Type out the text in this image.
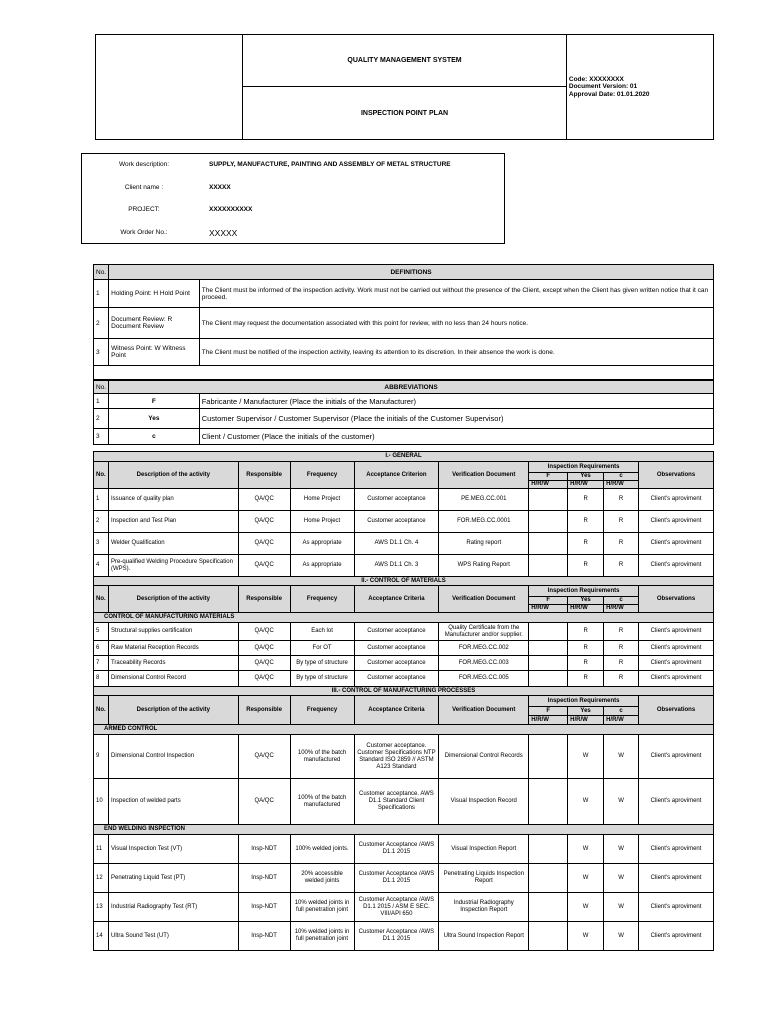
	QUALITY MANAGEMENT SYSTEM	
Code: XXXXXXXX
Document Version: 01
Approval Date: 01.01.2020

INSPECTION POINT PLAN
Work description:	SUPPLY, MANUFACTURE, PAINTING AND ASSEMBLY OF METAL STRUCTURE
Client name :	XXXXX
PROJECT:	XXXXXXXXXX
Work Order No.:	XXXXX
No.	DEFINITIONS	
1	Holding Point: H Hold Point	The Client must be informed of the inspection activity. Work must not be carried out without the presence of the Client, except when the Client has given written notice that it can proceed.
2	Document Review: R Document Review	The Client may request the documentation associated with this point for review, with no less than 24 hours notice.
3	Witness Point: W Witness Point	The Client must be notified of the inspection activity, leaving its attention to its discretion. In their absence the work is done.

No.	ABBREVIATIONS	
1	F	Fabricante / Manufacturer (Place the initials of the Manufacturer)
2	Yes	Customer Supervisor / Customer Supervisor (Place the initials of the Customer Supervisor)
3	c	Client / Customer (Place the initials of the customer)
I.- GENERAL									
No.	Description of the activity	Responsible	Frequency	Acceptance Criterion	Verification Document	Inspection Requirements			Observations
						F	Yes	c	
						H/R/W	H/R/W	H/R/W	
1	Issuance of quality plan	QA/QC	Home Project	Customer acceptance	PE.MEG.CC.001		R	R	Client's aproviment
2	Inspection and Test Plan	QA/QC	Home Project	Customer acceptance	FOR.MEG.CC.0001		R	R	Client's aproviment
3	Welder Qualification	QA/QC	As appropriate	AWS D1.1 Ch. 4	Rating report		R	R	Client's aproviment
4	Pre-qualified Welding Procedure Specification (WPS).	QA/QC	As appropriate	AWS D1.1 Ch. 3	WPS Rating Report		R	R	Client's aproviment
II.- CONTROL OF MATERIALS									
No.	Description of the activity	Responsible	Frequency	Acceptance Criteria	Verification Document	Inspection Requirements			Observations
						F	Yes	c	
						H/R/W	H/R/W	H/R/W	
CONTROL OF MANUFACTURING MATERIALS									
5	Structural supplies certification	QA/QC	Each lot	Customer acceptance	Quality Certificate from the Manufacturer and/or supplier.		R	R	Client's aproviment
6	Raw Material Reception Records	QA/QC	For OT	Customer acceptance	FOR.MEG.CC.002		R	R	Client's aproviment
7	Traceability Records	QA/QC	By type of structure	Customer acceptance	FOR.MEG.CC.003		R	R	Client's aproviment
8	Dimensional Control Record	QA/QC	By type of structure	Customer acceptance	FOR.MEG.CC.005		R	R	Client's aproviment
III.- CONTROL OF MANUFACTURING PROCESSES									
No.	Description of the activity	Responsible	Frequency	Acceptance Criteria	Verification Document	Inspection Requirements			Observations
						F	Yes	c	
						H/R/W	H/R/W	H/R/W	
ARMED CONTROL									
9	Dimensional Control Inspection	QA/QC	100% of the batch manufactured	Customer acceptance. Customer Specifications NTP Standard ISO 2859 // ASTM A123 Standard	Dimensional Control Records		W	W	Client's aproviment
10	Inspection of welded parts	QA/QC	100% of the batch manufactured	Customer acceptance. AWS D1.1 Standard Client Specifications	Visual Inspection Record		W	W	Client's aproviment
END WELDING INSPECTION									
11	Visual Inspection Test (VT)	Insp-NDT	100% welded joints.	Customer Acceptance /AWS D1.1 2015	Visual Inspection Report		W	W	Client's aproviment
12	Penetrating Liquid Test (PT)	Insp-NDT	20% accessible welded joints	Customer Acceptance /AWS D1.1 2015	Penetrating Liquids Inspection Report		W	W	Client's aproviment
13	Industrial Radiography Test (RT)	Insp-NDT	10% welded joints in full penetration joint	Customer Acceptance /AWS D1.1 2015 / ASM E SEC. VIII/API 650	Industrial Radiography Inspection Report		W	W	Client's aproviment
14	Ultra Sound Test (UT)	Insp-NDT	10% welded joints in full penetration joint	Customer Acceptance /AWS D1.1 2015	Ultra Sound Inspection Report		W	W	Client's aproviment
